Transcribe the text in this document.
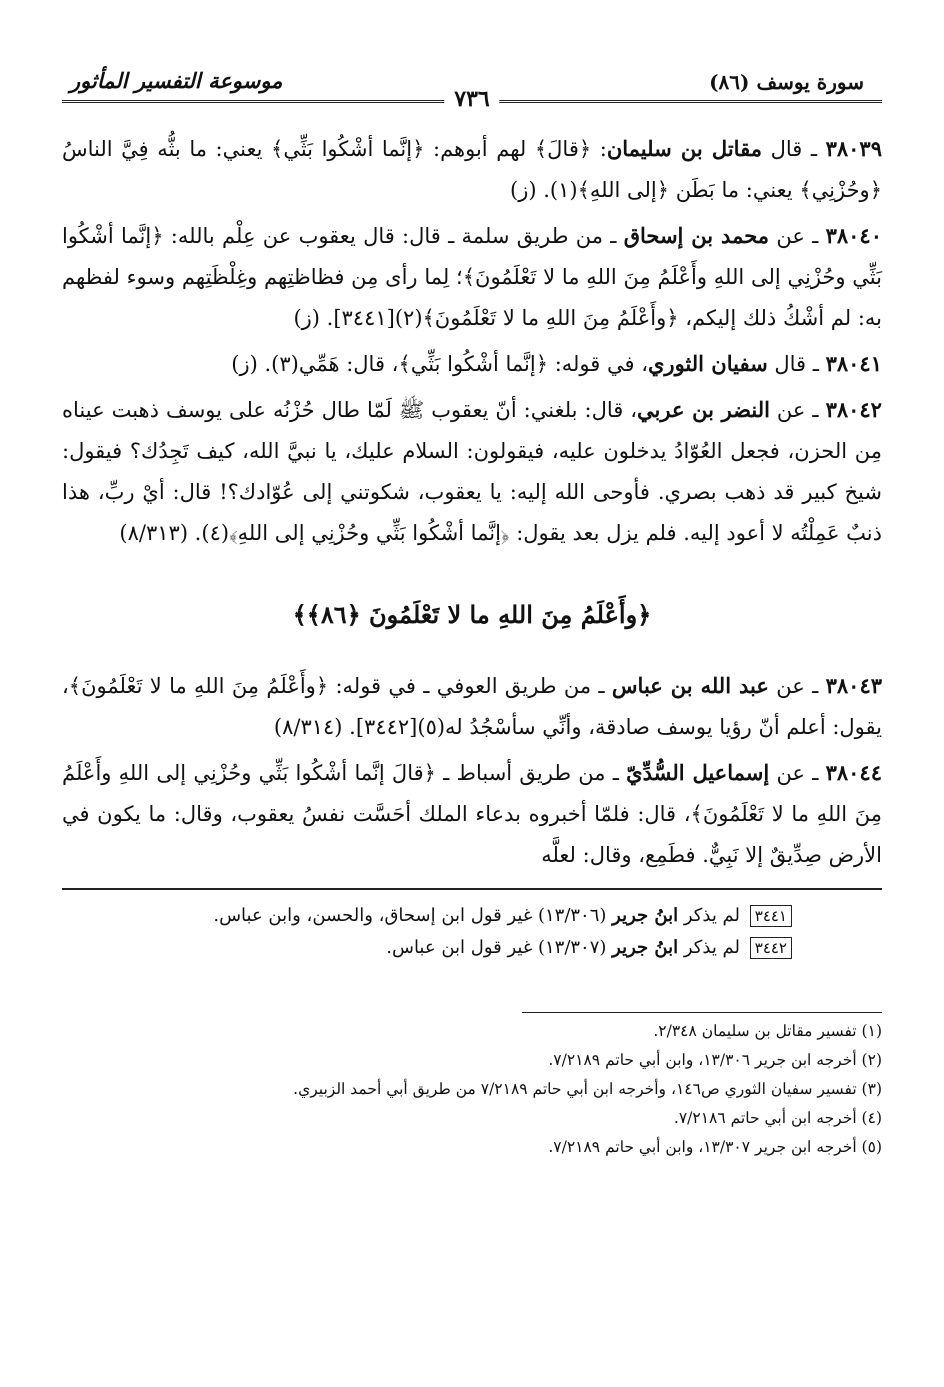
سورة يوسف (٨٦)
موسوعة التفسير المأثور
٧٣٦

٣٨٠٣٩ ـ قال مقاتل بن سليمان: ﴿قالَ﴾ لهم أبوهم: ﴿إنَّما أشْكُوا بَثِّي﴾ يعني: ما بثُّه فِيَّ الناسُ ﴿وحُزْنِي﴾ يعني: ما بَطَن ﴿إلى اللهِ﴾(١). (ز)

٣٨٠٤٠ ـ عن محمد بن إسحاق ـ من طريق سلمة ـ قال: قال يعقوب عن عِلْم بالله: ﴿إنَّما أشْكُوا بَثِّي وحُزْنِي إلى اللهِ وأَعْلَمُ مِنَ اللهِ ما لا تَعْلَمُونَ﴾؛ لِما رأى مِن فظاظتِهم وغِلْظَتِهم وسوء لفظهم به: لم أشْكُ ذلك إليكم، ﴿وأَعْلَمُ مِنَ اللهِ ما لا تَعْلَمُونَ﴾(٢)[٣٤٤١]. (ز)

٣٨٠٤١ ـ قال سفيان الثوري، في قوله: ﴿إنَّما أشْكُوا بَثِّي﴾، قال: هَمِّي(٣). (ز)

٣٨٠٤٢ ـ عن النضر بن عربي، قال: بلغني: أنّ يعقوب ﷺ لَمّا طال حُزْنُه على يوسف ذهبت عيناه مِن الحزن، فجعل العُوّادُ يدخلون عليه، فيقولون: السلام عليك، يا نبيَّ الله، كيف تَجِدُك؟ فيقول: شيخ كبير قد ذهب بصري. فأوحى الله إليه: يا يعقوب، شكوتني إلى عُوّادك؟! قال: أيْ ربِّ، هذا ذنبٌ عَمِلْتُه لا أعود إليه. فلم يزل بعد يقول: ﴿إنَّما أشْكُوا بَثِّي وحُزْنِي إلى اللهِ﴾(٤). (٨/٣١٣)

﴿وأَعْلَمُ مِنَ اللهِ ما لا تَعْلَمُونَ ﴿٨٦﴾﴾

٣٨٠٤٣ ـ عن عبد الله بن عباس ـ من طريق العوفي ـ في قوله: ﴿وأَعْلَمُ مِنَ اللهِ ما لا تَعْلَمُونَ﴾، يقول: أعلم أنّ رؤيا يوسف صادقة، وأنِّي سأسْجُدُ له(٥)[٣٤٤٢]. (٨/٣١٤)

٣٨٠٤٤ ـ عن إسماعيل السُّدِّيّ ـ من طريق أسباط ـ ﴿قالَ إنَّما أشْكُوا بَثِّي وحُزْنِي إلى اللهِ وأَعْلَمُ مِنَ اللهِ ما لا تَعْلَمُونَ﴾، قال: فلمّا أخبروه بدعاء الملك أحَسَّت نفسُ يعقوب، وقال: ما يكون في الأرض صِدِّيقٌ إلا نَبِيٌّ. فطَمِع، وقال: لعلَّه

٣٤٤١ لم يذكر ابنُ جرير (١٣/٣٠٦) غير قول ابن إسحاق، والحسن، وابن عباس.
٣٤٤٢ لم يذكر ابنُ جرير (١٣/٣٠٧) غير قول ابن عباس.
(١) تفسير مقاتل بن سليمان ٢/٣٤٨.
(٢) أخرجه ابن جرير ١٣/٣٠٦، وابن أبي حاتم ٧/٢١٨٩.
(٣) تفسير سفيان الثوري ص١٤٦، وأخرجه ابن أبي حاتم ٧/٢١٨٩ من طريق أبي أحمد الزبيري.
(٤) أخرجه ابن أبي حاتم ٧/٢١٨٦.
(٥) أخرجه ابن جرير ١٣/٣٠٧، وابن أبي حاتم ٧/٢١٨٩.
